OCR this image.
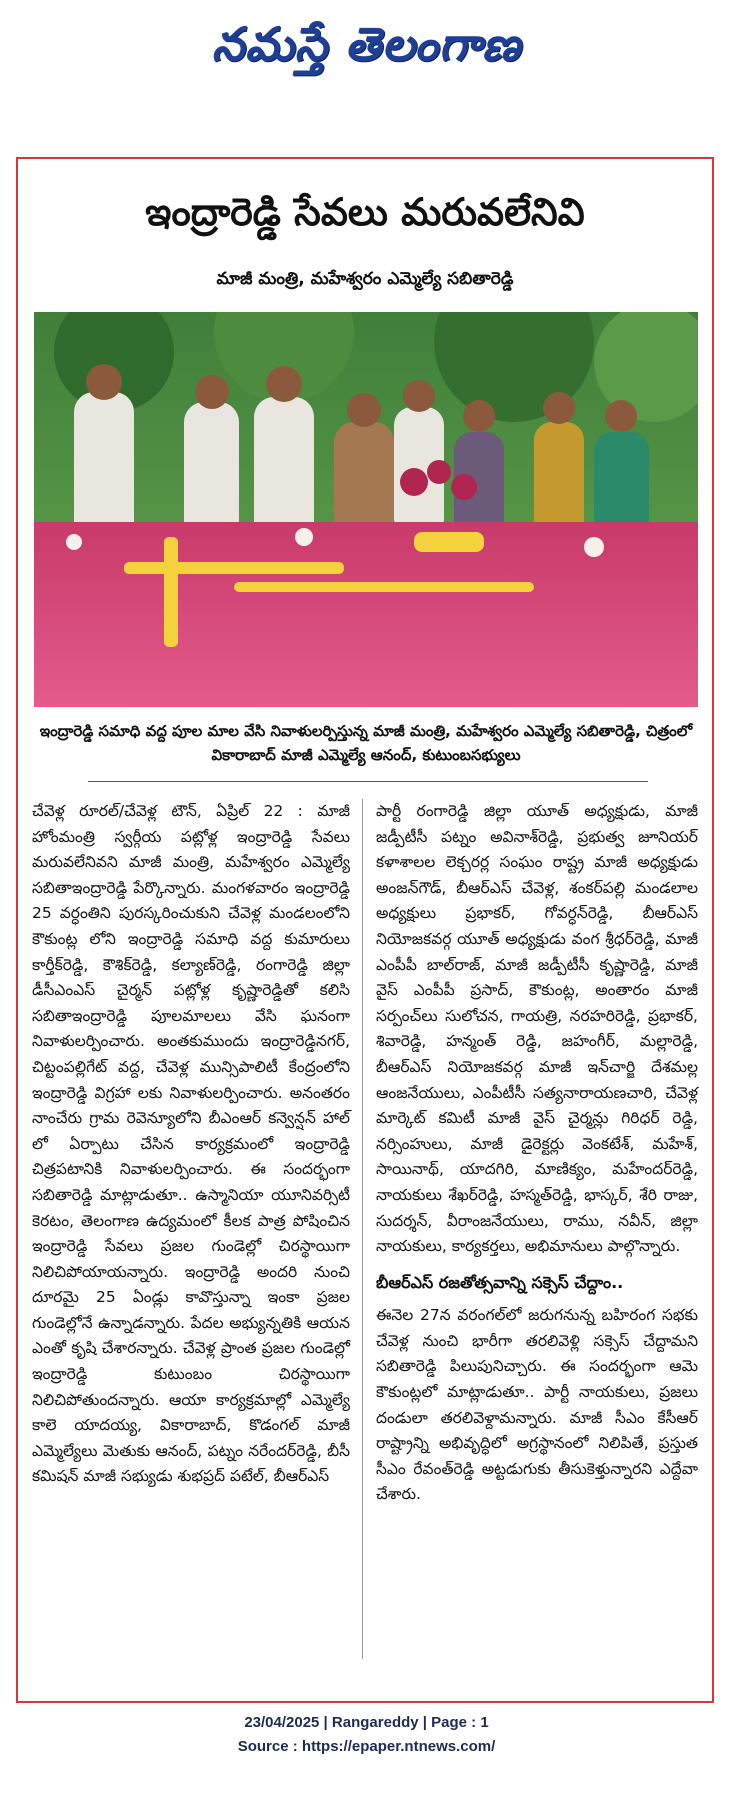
నమస్తే తెలంగాణ
ఇంద్రారెడ్డి సేవలు మరువలేనివి
మాజీ మంత్రి, మహేశ్వరం ఎమ్మెల్యే సబితారెడ్డి
ఇంద్రారెడ్డి సమాధి వద్ద పూల మాల వేసి నివాళులర్పిస్తున్న మాజీ మంత్రి, మహేశ్వరం ఎమ్మెల్యే సబితారెడ్డి, చిత్రంలో వికారాబాద్ మాజీ ఎమ్మెల్యే ఆనంద్, కుటుంబసభ్యులు

చేవెళ్ల రూరల్/చేవెళ్ల టౌన్, ఏప్రిల్ 22 : మాజీ హోంమంత్రి స్వర్గీయ పట్లోళ్ల ఇంద్రారెడ్డి సేవలు మరువలేనివని మాజీ మంత్రి, మహేశ్వరం ఎమ్మెల్యే సబితాఇంద్రారెడ్డి పేర్కొన్నారు. మంగళవారం ఇంద్రారెడ్డి 25 వర్ధంతిని పురస్కరించుకుని చేవెళ్ల మండలంలోని కౌకుంట్ల లోని ఇంద్రారెడ్డి సమాధి వద్ద కుమారులు కార్తీక్‌రెడ్డి, కౌశిక్‌రెడ్డి, కల్యాణ్‌రెడ్డి, రంగారెడ్డి జిల్లా డీసీఎంఎస్ చైర్మన్ పట్లోళ్ల కృష్ణారెడ్డితో కలిసి సబితాఇంద్రారెడ్డి పూలమాలలు వేసి ఘనంగా నివాళులర్పించారు. అంతకుముందు ఇంద్రారెడ్డినగర్, చిట్టంపల్లిగేట్ వద్ద, చేవెళ్ల మున్సిపాలిటీ కేంద్రంలోని ఇంద్రారెడ్డి విగ్రహా లకు నివాళులర్పించారు. అనంతరం నాంచేరు గ్రామ రెవెన్యూలోని బీఎంఆర్ కన్వెన్షన్ హాల్ లో ఏర్పాటు చేసిన కార్యక్రమంలో ఇంద్రారెడ్డి చిత్రపటానికి నివాళులర్పించారు. ఈ సందర్భంగా సబితారెడ్డి మాట్లాడుతూ.. ఉస్మానియా యూనివర్సిటీ కెరటం, తెలంగాణ ఉద్యమంలో కీలక పాత్ర పోషించిన ఇంద్రారెడ్డి సేవలు ప్రజల గుండెల్లో చిరస్థాయిగా నిలిచిపోయాయన్నారు. ఇంద్రారెడ్డి అందరి నుంచి దూరమై 25 ఏండ్లు కావొస్తున్నా ఇంకా ప్రజల గుండెల్లోనే ఉన్నాడన్నారు. పేదల అభ్యున్నతికి ఆయన ఎంతో కృషి చేశారన్నారు. చేవెళ్ల ప్రాంత ప్రజల గుండెల్లో ఇంద్రారెడ్డి కుటుంబం చిరస్థాయిగా నిలిచిపోతుందన్నారు. ఆయా కార్యక్రమాల్లో ఎమ్మెల్యే కాలె యాదయ్య, వికారాబాద్, కొడంగల్ మాజీ ఎమ్మెల్యేలు మెతుకు ఆనంద్, పట్నం నరేందర్‌రెడ్డి, బీసీ కమిషన్ మాజీ సభ్యుడు శుభప్రద్ పటేల్, బీఆర్‌ఎస్

పార్టీ రంగారెడ్డి జిల్లా యూత్ అధ్యక్షుడు, మాజీ జడ్పీటీసీ పట్నం అవినాశ్‌రెడ్డి, ప్రభుత్వ జూనియర్ కళాశాలల లెక్చరర్ల సంఘం రాష్ట్ర మాజీ అధ్యక్షుడు అంజన్‌గౌడ్, బీఆర్‌ఎస్ చేవెళ్ల, శంకర్‌పల్లి మండలాల అధ్యక్షులు ప్రభాకర్, గోవర్ధన్‌రెడ్డి, బీఆర్‌ఎస్ నియోజకవర్గ యూత్ అధ్యక్షుడు వంగ శ్రీధర్‌రెడ్డి, మాజీ ఎంపీపీ బాల్‌రాజ్, మాజీ జడ్పీటీసీ కృష్ణారెడ్డి, మాజీ వైస్ ఎంపీపీ ప్రసాద్, కౌకుంట్ల, అంతారం మాజీ సర్పంచ్‌లు సులోచన, గాయత్రి, నరహరిరెడ్డి, ప్రభాకర్, శివారెడ్డి, హన్మంత్ రెడ్డి, జహంగీర్, మల్లారెడ్డి, బీఆర్‌ఎస్ నియోజకవర్గ మాజీ ఇన్‌చార్జి దేశమల్ల ఆంజనేయులు, ఎంపీటీసీ సత్యనారాయణచారి, చేవెళ్ల మార్కెట్ కమిటీ మాజీ వైస్ చైర్మన్లు గిరిధర్ రెడ్డి, నర్సింహులు, మాజీ డైరెక్టర్లు వెంకటేశ్, మహేశ్, సాయినాథ్, యాదగిరి, మాణిక్యం, మహేందర్‌రెడ్డి, నాయకులు శేఖర్‌రెడ్డి, హస్మత్‌రెడ్డి, భాస్కర్, శేరి రాజు, సుదర్శన్, వీరాంజనేయులు, రాము, నవీన్, జిల్లా నాయకులు, కార్యకర్తలు, అభిమానులు పాల్గొన్నారు.

బీఆర్‌ఎస్ రజతోత్సవాన్ని సక్సెస్ చేద్దాం..

ఈనెల 27న వరంగల్‌లో జరుగనున్న బహిరంగ సభకు చేవెళ్ల నుంచి భారీగా తరలివెళ్లి సక్సెస్ చేద్దామని సబితారెడ్డి పిలుపునిచ్చారు. ఈ సందర్భంగా ఆమె కౌకుంట్లలో మాట్లాడుతూ.. పార్టీ నాయకులు, ప్రజలు దండులా తరలివెళ్దామన్నారు. మాజీ సీఎం కేసీఆర్ రాష్ట్రాన్ని అభివృద్ధిలో అగ్రస్థానంలో నిలిపితే, ప్రస్తుత సీఎం రేవంత్‌రెడ్డి అట్టడుగుకు తీసుకెళ్తున్నారని ఎద్దేవా చేశారు.

23/04/2025 | Rangareddy | Page : 1
Source : https://epaper.ntnews.com/
